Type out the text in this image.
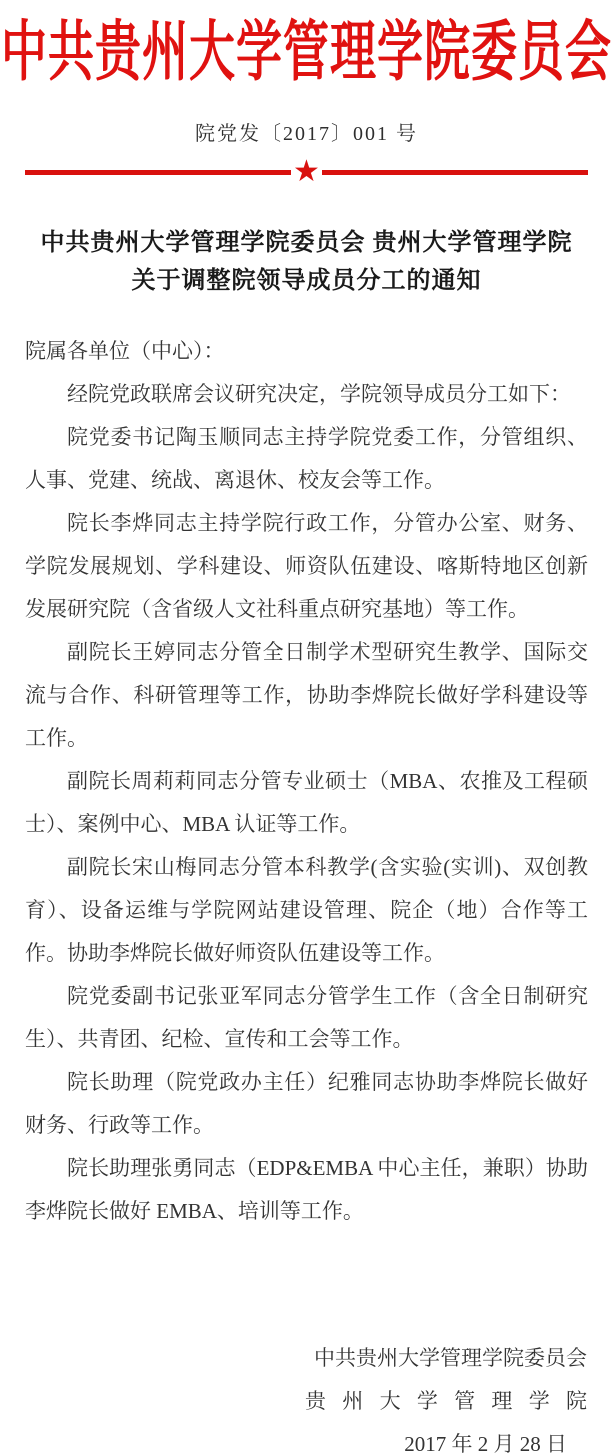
中共贵州大学管理学院委员会
院党发〔2017〕001 号
★
中共贵州大学管理学院委员会 贵州大学管理学院
关于调整院领导成员分工的通知

院属各单位（中心）：

经院党政联席会议研究决定，学院领导成员分工如下：

院党委书记陶玉顺同志主持学院党委工作，分管组织、人事、党建、统战、离退休、校友会等工作。

院长李烨同志主持学院行政工作，分管办公室、财务、学院发展规划、学科建设、师资队伍建设、喀斯特地区创新发展研究院（含省级人文社科重点研究基地）等工作。

副院长王婷同志分管全日制学术型研究生教学、国际交流与合作、科研管理等工作，协助李烨院长做好学科建设等工作。

副院长周莉莉同志分管专业硕士（MBA、农推及工程硕士）、案例中心、MBA 认证等工作。

副院长宋山梅同志分管本科教学(含实验(实训)、双创教育）、设备运维与学院网站建设管理、院企（地）合作等工作。协助李烨院长做好师资队伍建设等工作。

院党委副书记张亚军同志分管学生工作（含全日制研究生）、共青团、纪检、宣传和工会等工作。

院长助理（院党政办主任）纪雅同志协助李烨院长做好财务、行政等工作。

院长助理张勇同志（EDP&EMBA 中心主任，兼职）协助李烨院长做好 EMBA、培训等工作。

中共贵州大学管理学院委员会
贵 州 大 学 管 理 学 院
2017 年 2 月 28 日
